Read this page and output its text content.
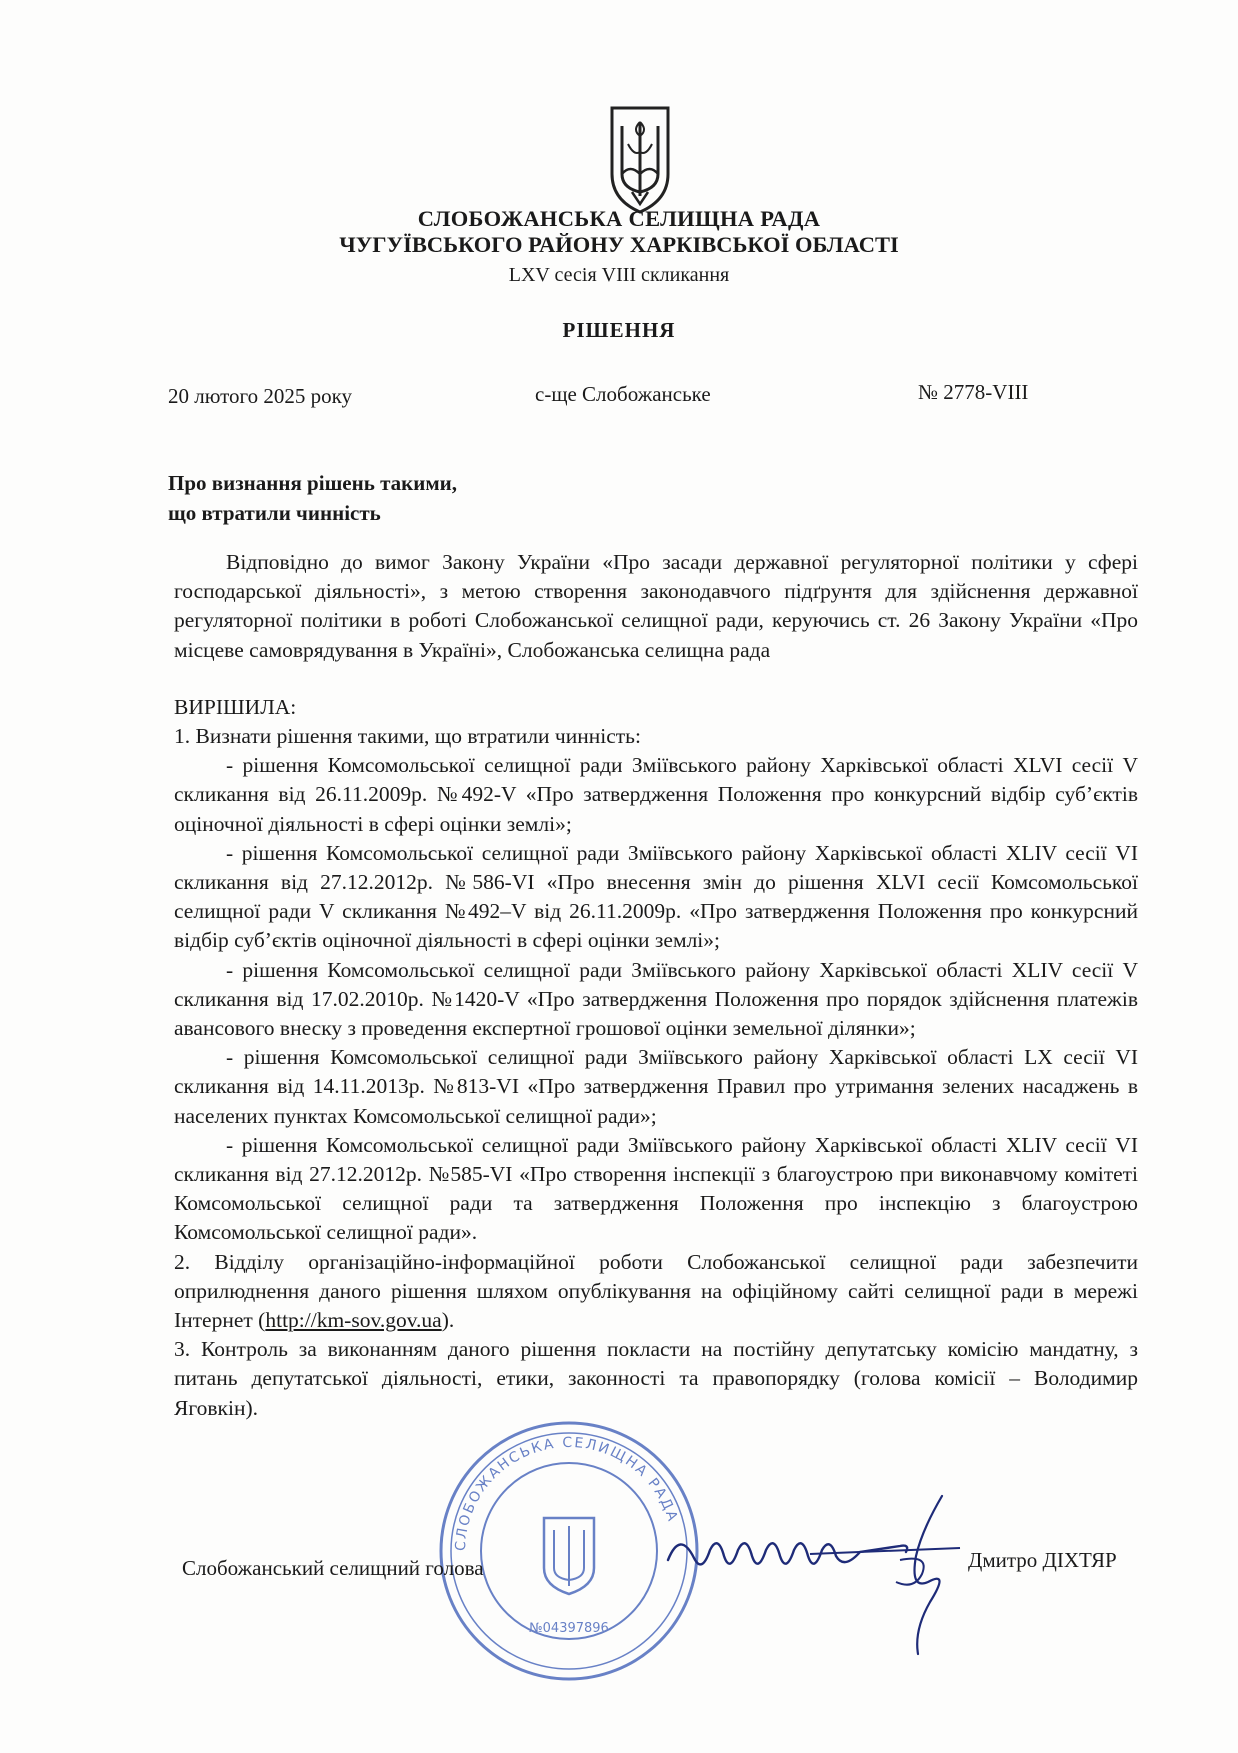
СЛОБОЖАНСЬКА СЕЛИЩНА РАДА
ЧУГУЇВСЬКОГО РАЙОНУ ХАРКІВСЬКОЇ ОБЛАСТІ
LXV сесія VIII скликання
РІШЕННЯ
20 лютого 2025 року	с-ще Слобожанське	№ 2778-VIII
Про визнання рішень такими,
що втратили чинність

Відповідно до вимог Закону України «Про засади державної регуляторної політики у сфері господарської діяльності», з метою створення законодавчого підґрунтя для здійснення державної регуляторної політики в роботі Слобожанської селищної ради, керуючись ст. 26 Закону України «Про місцеве самоврядування в Україні», Слобожанська селищна рада

ВИРІШИЛА:

1. Визнати рішення такими, що втратили чинність:

- рішення Комсомольської селищної ради Зміївського району Харківської області XLVI сесії V скликання від 26.11.2009р. №492-V «Про затвердження Положення про конкурсний відбір суб’єктів оціночної діяльності в сфері оцінки землі»;

- рішення Комсомольської селищної ради Зміївського району Харківської області XLIV сесії VI скликання від 27.12.2012р. №586-VI «Про внесення змін до рішення XLVI сесії Комсомольської селищної ради V скликання №492–V від 26.11.2009р. «Про затвердження Положення про конкурсний відбір суб’єктів оціночної діяльності в сфері оцінки землі»;

- рішення Комсомольської селищної ради Зміївського району Харківської області XLIV сесії V скликання від 17.02.2010р. №1420-V «Про затвердження Положення про порядок здійснення платежів авансового внеску з проведення експертної грошової оцінки земельної ділянки»;

- рішення Комсомольської селищної ради Зміївського району Харківської області LX сесії VI скликання від 14.11.2013р. №813-VI «Про затвердження Правил про утримання зелених насаджень в населених пунктах Комсомольської селищної ради»;

- рішення Комсомольської селищної ради Зміївського району Харківської області XLIV сесії VI скликання від 27.12.2012р. №585-VI «Про створення інспекції з благоустрою при виконавчому комітеті Комсомольської селищної ради та затвердження Положення про інспекцію з благоустрою Комсомольської селищної ради».

2. Відділу організаційно-інформаційної роботи Слобожанської селищної ради забезпечити оприлюднення даного рішення шляхом опублікування на офіційному сайті селищної ради в мережі Інтернет (http://km-sov.gov.ua).

3. Контроль за виконанням даного рішення покласти на постійну депутатську комісію мандатну, з питань депутатської діяльності, етики, законності та правопорядку (голова комісії – Володимир Яговкін).

СЛОБОЖАНСЬКА СЕЛИЩНА РАДА
№04397896
Слобожанський селищний голова	Дмитро ДІХТЯР
